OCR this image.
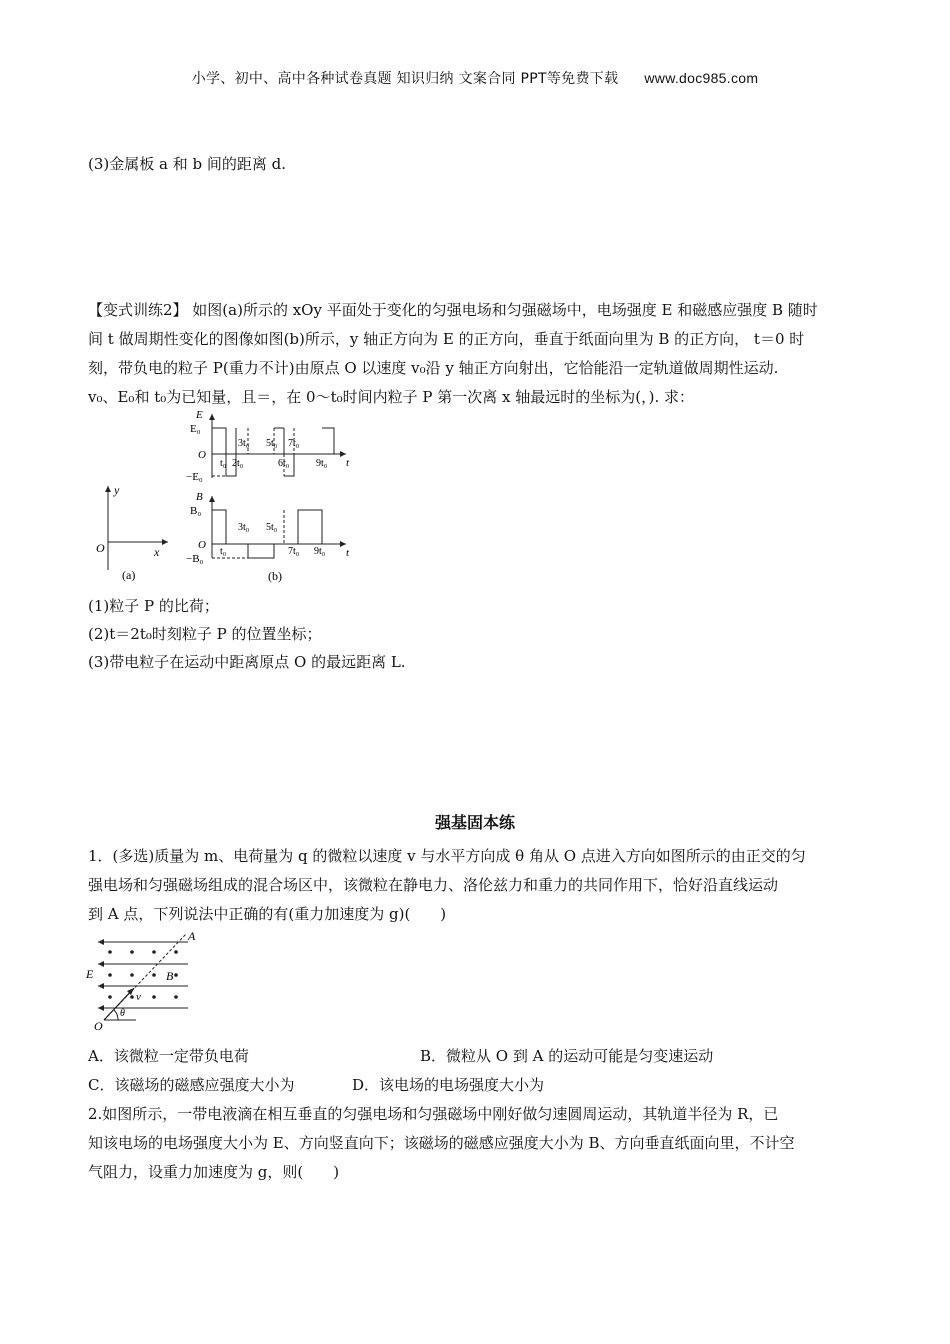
小学、初中、高中各种试卷真题 知识归纳 文案合同 PPT等免费下载 www.doc985.com
(3)金属板 a 和 b 间的距离 d.
【变式训练2】 如图(a)所示的 xOy 平面处于变化的匀强电场和匀强磁场中，电场强度 E 和磁感应强度 B 随时
间 t 做周期性变化的图像如图(b)所示，y 轴正方向为 E 的正方向，垂直于纸面向里为 B 的正方向， t＝0 时
刻，带负电的粒子 P(重力不计)由原点 O 以速度 v₀沿 y 轴正方向射出，它恰能沿一定轨道做周期性运动.
v₀、E₀和 t₀为已知量，且＝，在 0～t₀时间内粒子 P 第一次离 x 轴最远时的坐标为(，). 求：
y
x
O
(a)
E
E₀
O
−E₀
t
3t₀ 5t₀ 7t₀
t₀ 2t₀	6t₀	9t₀
B
B₀
O
−B₀	t
3t₀ 5t₀
t₀	7t₀ 9t₀
(b)
(1)粒子 P 的比荷；
(2)t＝2t₀时刻粒子 P 的位置坐标；
(3)带电粒子在运动中距离原点 O 的最远距离 L.
强基固本练
1．(多选)质量为 m、电荷量为 q 的微粒以速度 v 与水平方向成 θ 角从 O 点进入方向如图所示的由正交的匀
强电场和匀强磁场组成的混合场区中，该微粒在静电力、洛伦兹力和重力的共同作用下，恰好沿直线运动
到 A 点，下列说法中正确的有(重力加速度为 g)(　　)
A
B
E
O
v
θ
A．该微粒一定带负电荷	B．微粒从 O 到 A 的运动可能是匀变速运动
C．该磁场的磁感应强度大小为	D．该电场的电场强度大小为
2.如图所示，一带电液滴在相互垂直的匀强电场和匀强磁场中刚好做匀速圆周运动，其轨道半径为 R，已
知该电场的电场强度大小为 E、方向竖直向下；该磁场的磁感应强度大小为 B、方向垂直纸面向里，不计空
气阻力，设重力加速度为 g，则(　　)
